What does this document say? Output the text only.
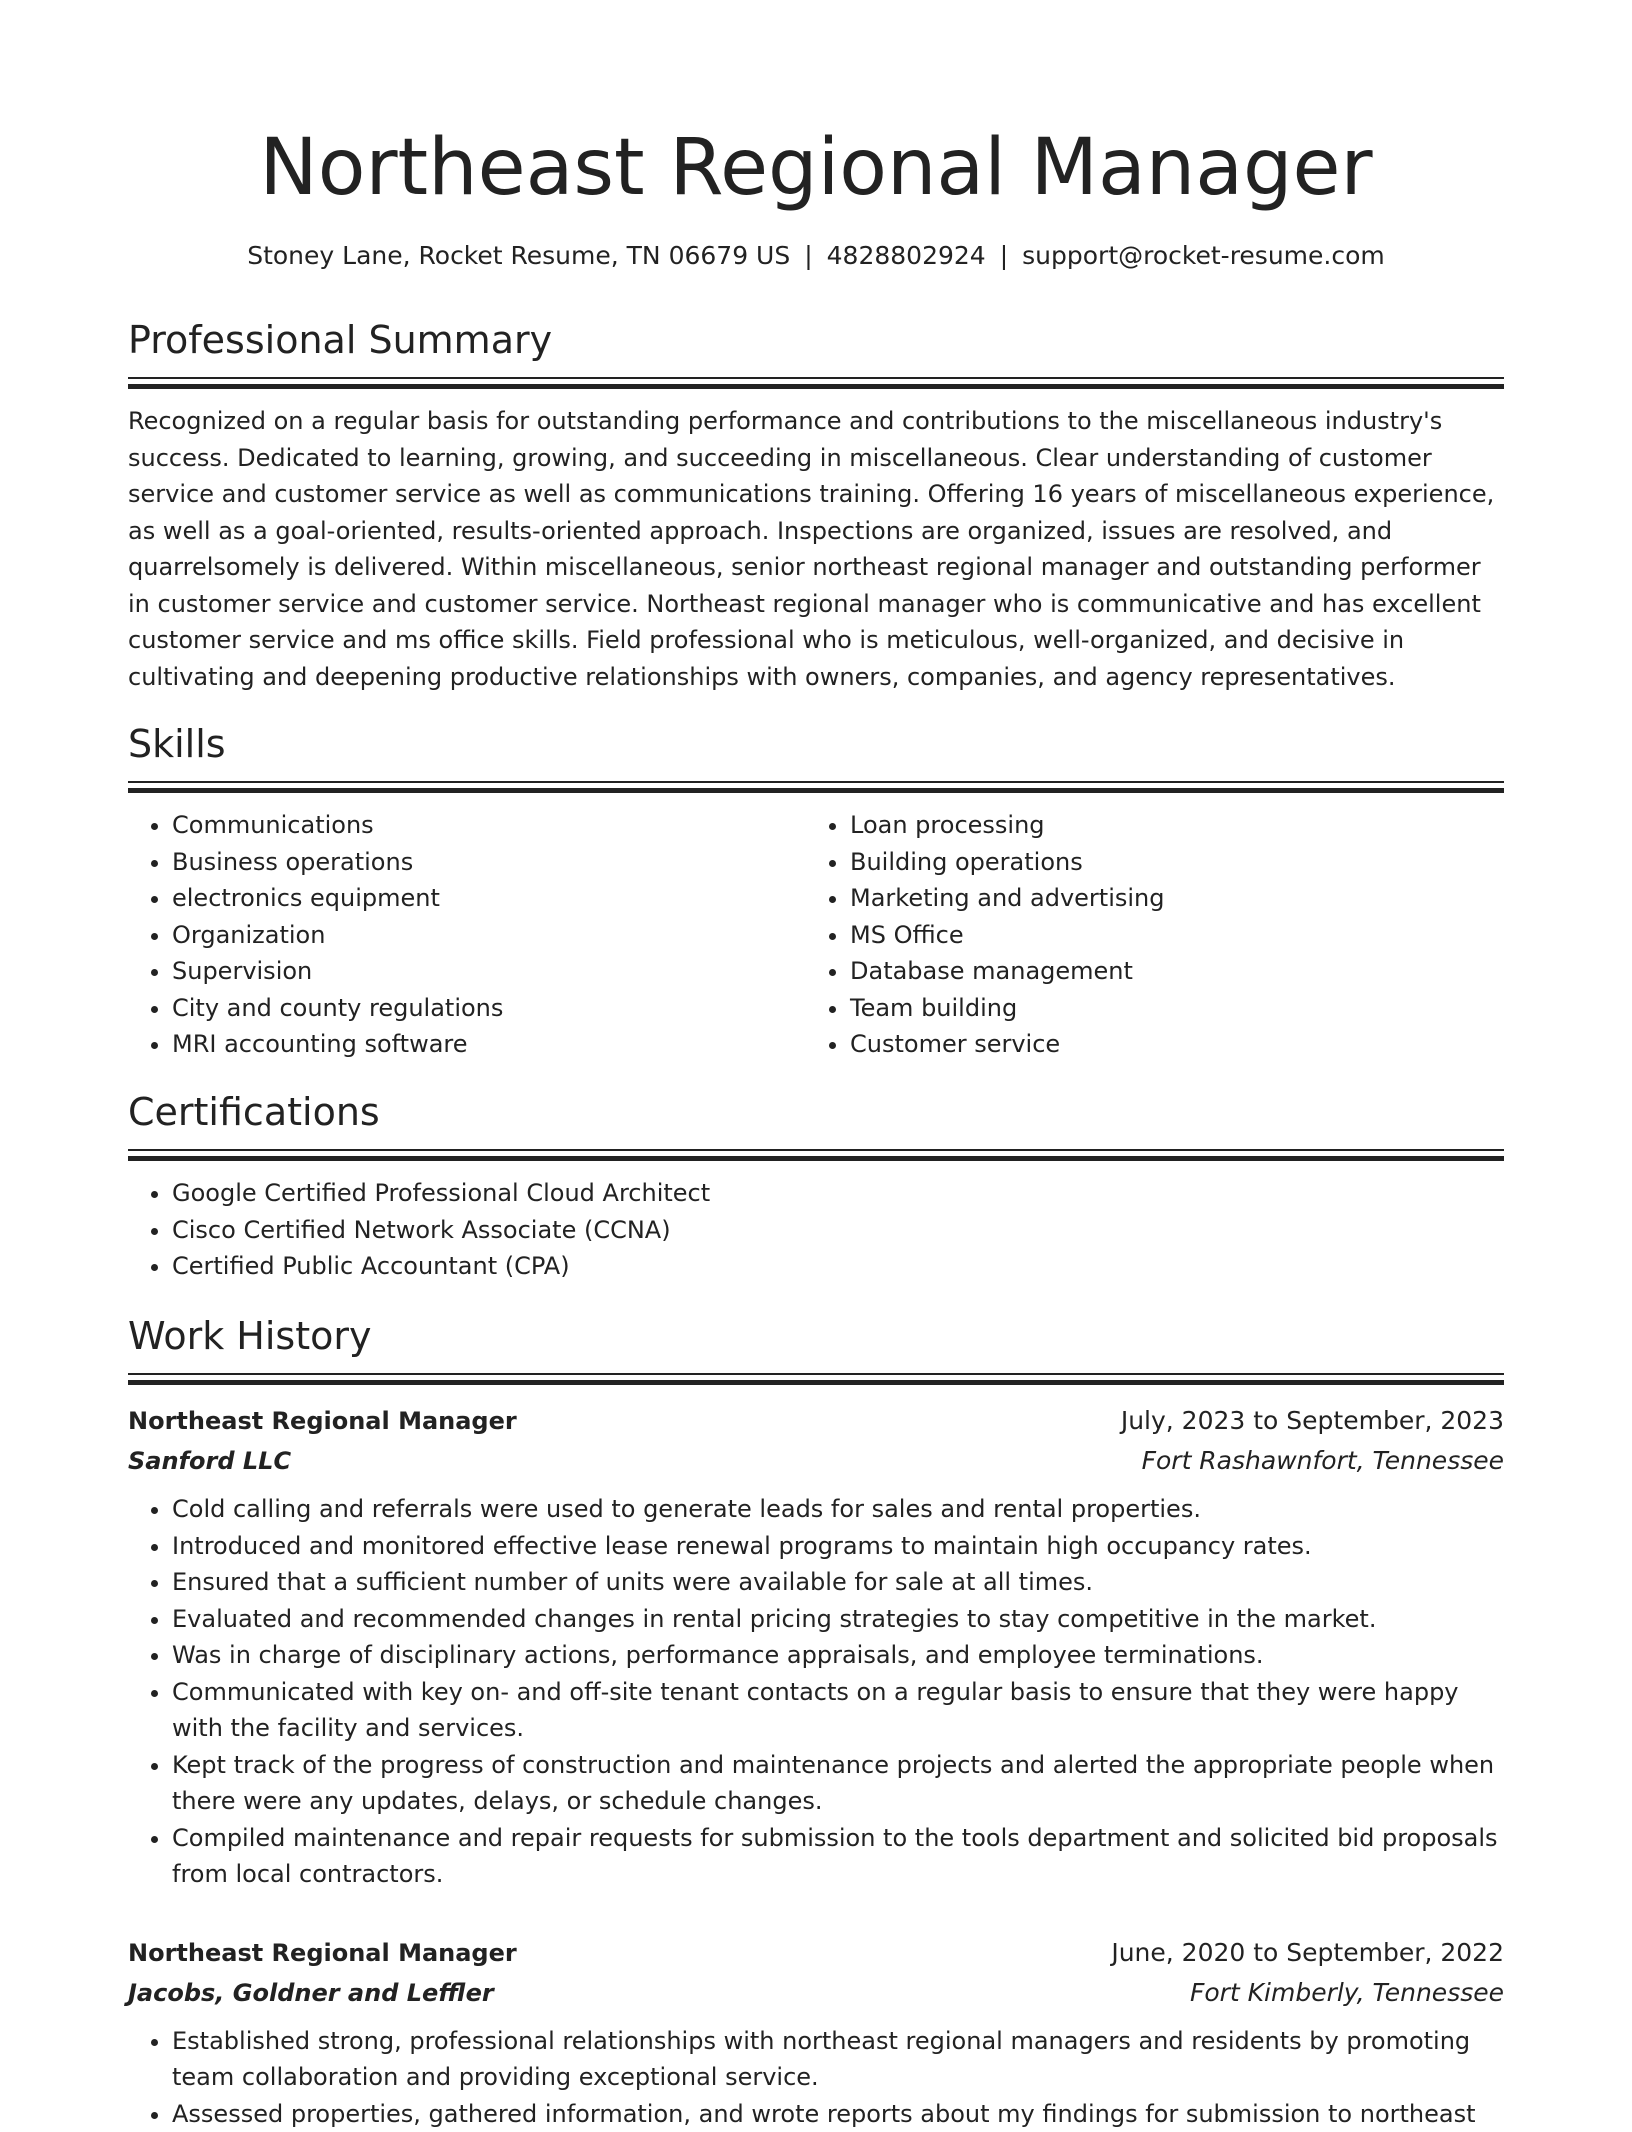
Northeast Regional Manager
Stoney Lane, Rocket Resume, TN 06679 US | 4828802924 | support@rocket-resume.com
Professional Summary
Recognized on a regular basis for outstanding performance and contributions to the miscellaneous industry's success. Dedicated to learning, growing, and succeeding in miscellaneous. Clear understanding of customer service and customer service as well as communications training. Offering 16 years of miscellaneous experience, as well as a goal-oriented, results-oriented approach. Inspections are organized, issues are resolved, and quarrelsomely is delivered. Within miscellaneous, senior northeast regional manager and outstanding performer in customer service and customer service. Northeast regional manager who is communicative and has excellent customer service and ms office skills. Field professional who is meticulous, well-organized, and decisive in cultivating and deepening productive relationships with owners, companies, and agency representatives.
Skills
• Communications
• Business operations
• electronics equipment
• Organization
• Supervision
• City and county regulations
• MRI accounting software
• Loan processing
• Building operations
• Marketing and advertising
• MS Office
• Database management
• Team building
• Customer service
Certifications
• Google Certified Professional Cloud Architect
• Cisco Certified Network Associate (CCNA)
• Certified Public Accountant (CPA)
Work History
Northeast Regional Manager	July, 2023 to September, 2023
Sanford LLC	Fort Rashawnfort, Tennessee
• Cold calling and referrals were used to generate leads for sales and rental properties.
• Introduced and monitored effective lease renewal programs to maintain high occupancy rates.
• Ensured that a sufficient number of units were available for sale at all times.
• Evaluated and recommended changes in rental pricing strategies to stay competitive in the market.
• Was in charge of disciplinary actions, performance appraisals, and employee terminations.
• Communicated with key on- and off-site tenant contacts on a regular basis to ensure that they were happy with the facility and services.
• Kept track of the progress of construction and maintenance projects and alerted the appropriate people when there were any updates, delays, or schedule changes.
• Compiled maintenance and repair requests for submission to the tools department and solicited bid proposals from local contractors.
Northeast Regional Manager	June, 2020 to September, 2022
Jacobs, Goldner and Leffler	Fort Kimberly, Tennessee
• Established strong, professional relationships with northeast regional managers and residents by promoting team collaboration and providing exceptional service.
• Assessed properties, gathered information, and wrote reports about my findings for submission to northeast
